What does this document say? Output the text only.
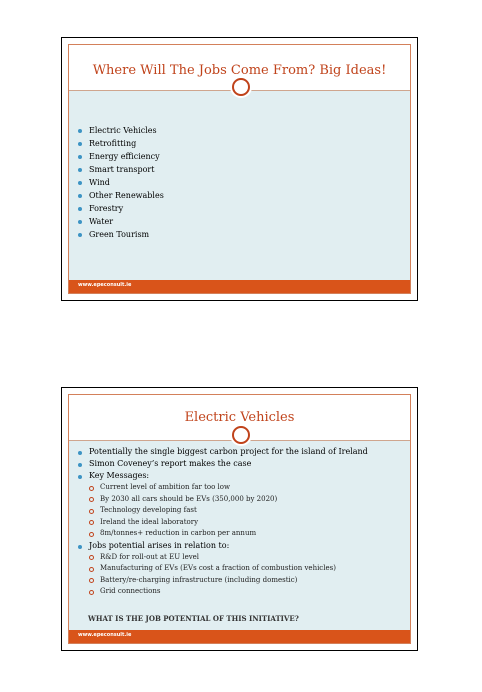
Where Will The Jobs Come From? Big Ideas!
Electric Vehicles
Retrofitting
Energy efficiency
Smart transport
Wind
Other Renewables
Forestry
Water
Green Tourism
www.epeconsult.ie
Electric Vehicles
Potentially the single biggest carbon project for the island of Ireland
Simon Coveney’s report makes the case
Key Messages:
Current level of ambition far too low
By 2030 all cars should be EVs (350,000 by 2020)
Technology developing fast
Ireland the ideal laboratory
8m/tonnes+ reduction in carbon per annum
Jobs potential arises in relation to:
R&D for roll-out at EU level
Manufacturing of EVs (EVs cost a fraction of combustion vehicles)
Battery/re-charging infrastructure (including domestic)
Grid connections
WHAT IS THE JOB POTENTIAL OF THIS INITIATIVE?
www.epeconsult.ie
